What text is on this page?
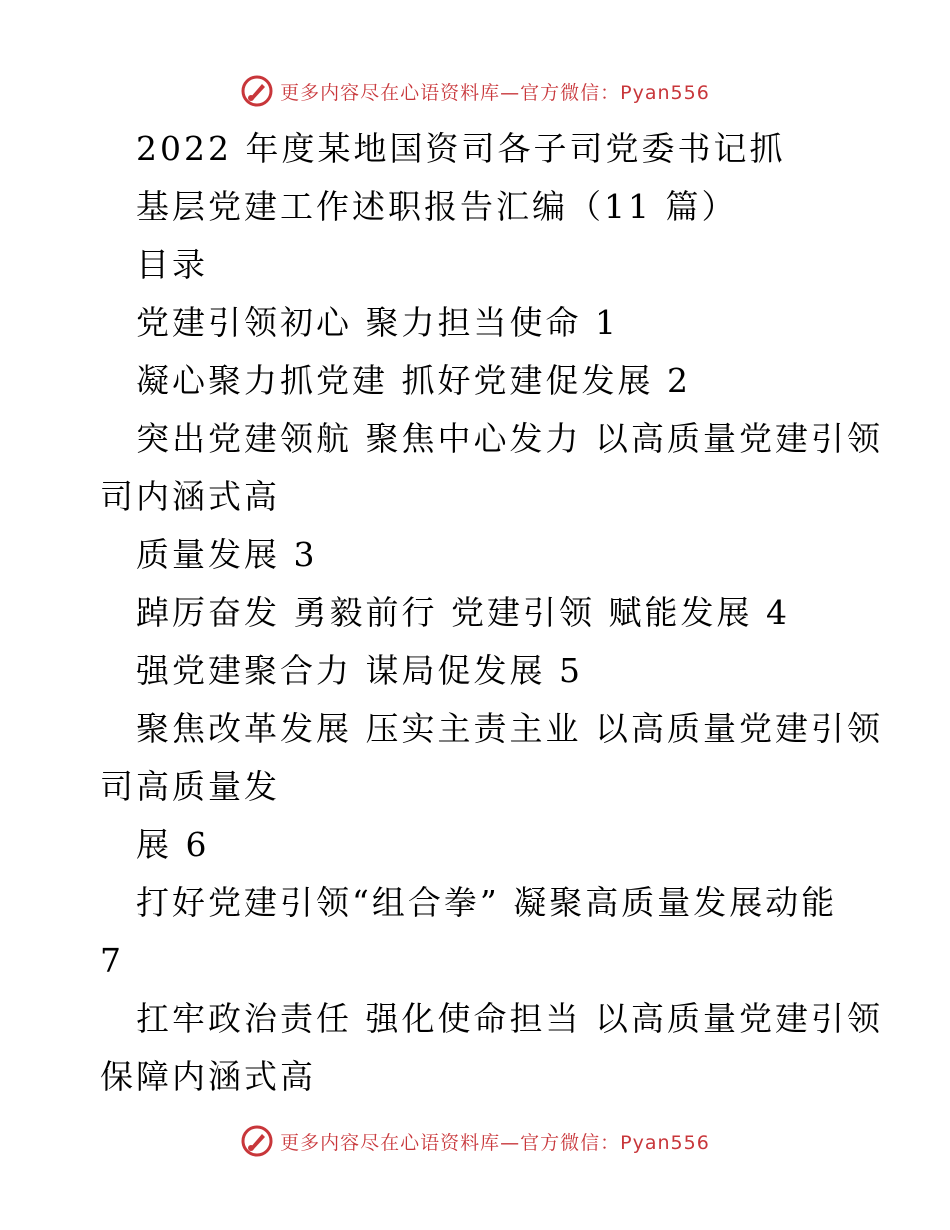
更多内容尽在心语资料库—官方微信：Pyan556
2022 年度某地国资司各子司党委书记抓
基层党建工作述职报告汇编（11 篇）
目录
党建引领初心 聚力担当使命 1
凝心聚力抓党建 抓好党建促发展 2
突出党建领航 聚焦中心发力 以高质量党建引领
司内涵式高
质量发展 3
踔厉奋发 勇毅前行 党建引领 赋能发展 4
强党建聚合力 谋局促发展 5
聚焦改革发展 压实主责主业 以高质量党建引领
司高质量发
展 6
打好党建引领“组合拳” 凝聚高质量发展动能
7
扛牢政治责任 强化使命担当 以高质量党建引领
保障内涵式高
更多内容尽在心语资料库—官方微信：Pyan556
